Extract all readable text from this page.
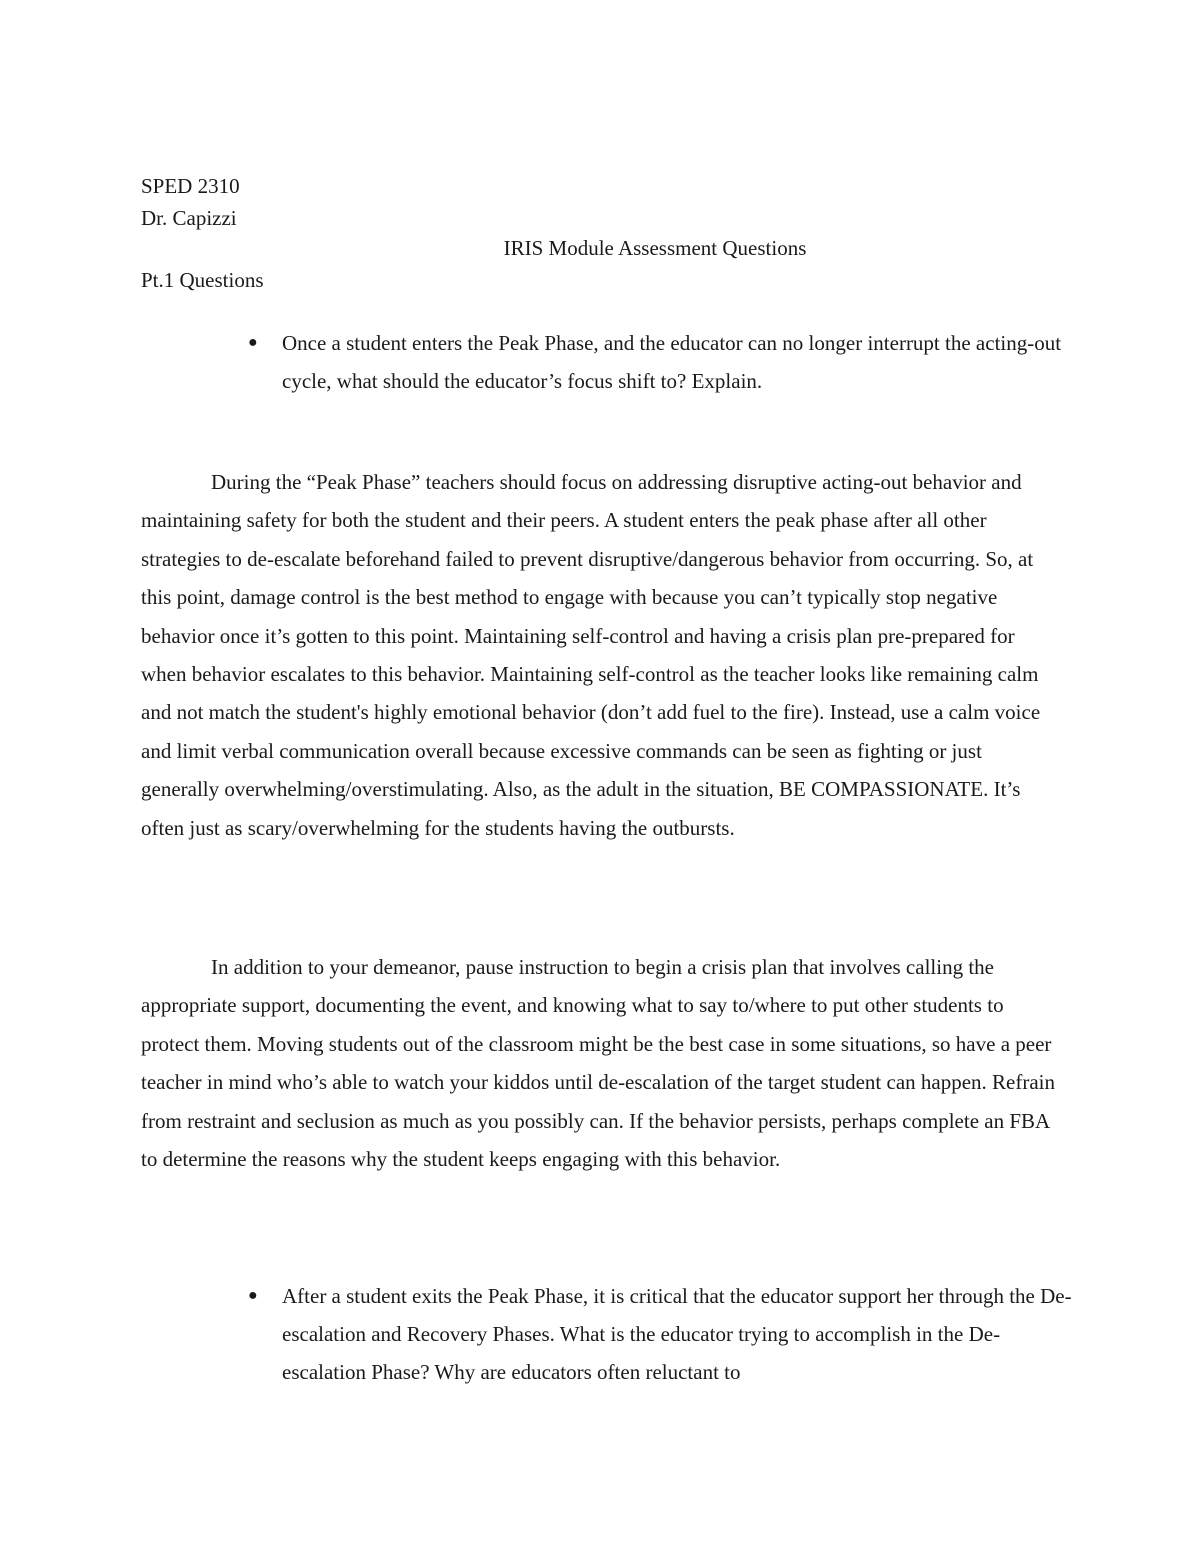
SPED 2310
Dr. Capizzi
IRIS Module Assessment Questions
Pt.1 Questions
● Once a student enters the Peak Phase, and the educator can no longer interrupt the acting-out cycle, what should the educator’s focus shift to? Explain.

During the “Peak Phase” teachers should focus on addressing disruptive acting-out behavior and maintaining safety for both the student and their peers. A student enters the peak phase after all other strategies to de-escalate beforehand failed to prevent disruptive/dangerous behavior from occurring. So, at this point, damage control is the best method to engage with because you can’t typically stop negative behavior once it’s gotten to this point. Maintaining self-control and having a crisis plan pre-prepared for when behavior escalates to this behavior. Maintaining self-control as the teacher looks like remaining calm and not match the student's highly emotional behavior (don’t add fuel to the fire). Instead, use a calm voice and limit verbal communication overall because excessive commands can be seen as fighting or just generally overwhelming/overstimulating. Also, as the adult in the situation, BE COMPASSIONATE. It’s often just as scary/overwhelming for the students having the outbursts.

In addition to your demeanor, pause instruction to begin a crisis plan that involves calling the appropriate support, documenting the event, and knowing what to say to/where to put other students to protect them. Moving students out of the classroom might be the best case in some situations, so have a peer teacher in mind who’s able to watch your kiddos until de-escalation of the target student can happen. Refrain from restraint and seclusion as much as you possibly can. If the behavior persists, perhaps complete an FBA to determine the reasons why the student keeps engaging with this behavior.

● After a student exits the Peak Phase, it is critical that the educator support her through the De-escalation and Recovery Phases. What is the educator trying to accomplish in the De-escalation Phase? Why are educators often reluctant to
